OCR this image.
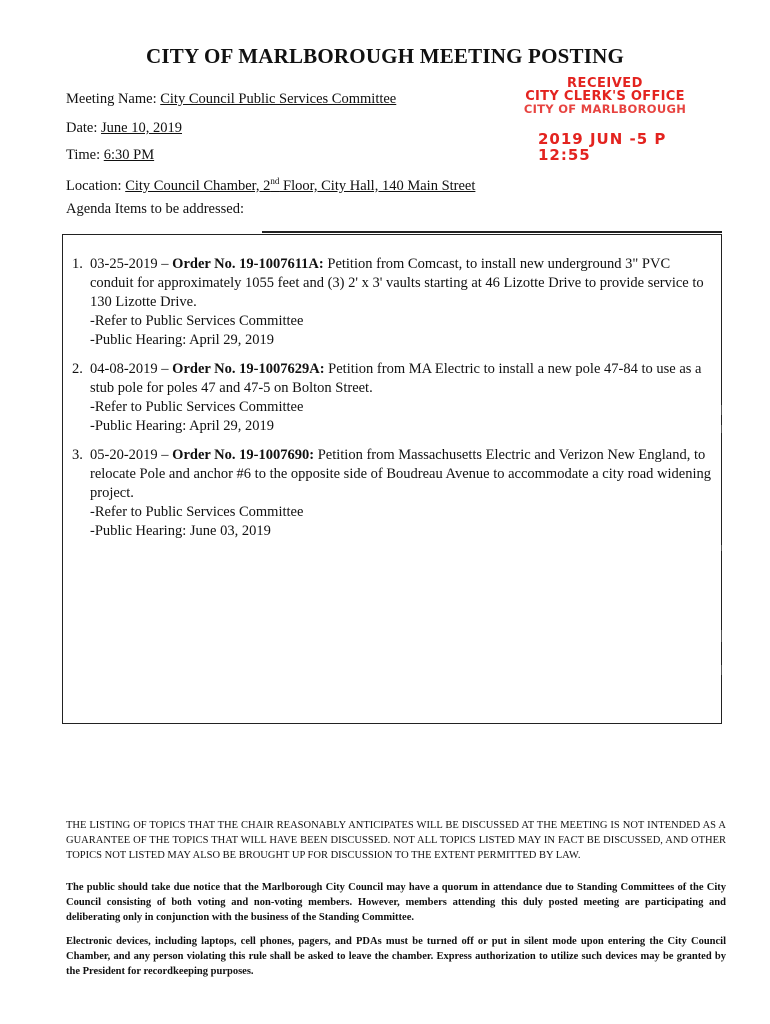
CITY OF MARLBOROUGH MEETING POSTING
Meeting Name: City Council Public Services Committee
Date: June 10, 2019
Time: 6:30 PM
Location: City Council Chamber, 2nd Floor, City Hall, 140 Main Street
Agenda Items to be addressed:
RECEIVED
CITY CLERK'S OFFICE
CITY OF MARLBOROUGH
2019 JUN -5 P 12:55
1. 03-25-2019 – Order No. 19-1007611A: Petition from Comcast, to install new underground 3" PVC conduit for approximately 1055 feet and (3) 2' x 3' vaults starting at 46 Lizotte Drive to provide service to 130 Lizotte Drive.
-Refer to Public Services Committee
-Public Hearing: April 29, 2019
2. 04-08-2019 – Order No. 19-1007629A: Petition from MA Electric to install a new pole 47-84 to use as a stub pole for poles 47 and 47-5 on Bolton Street.
-Refer to Public Services Committee
-Public Hearing: April 29, 2019
3. 05-20-2019 – Order No. 19-1007690: Petition from Massachusetts Electric and Verizon New England, to relocate Pole and anchor #6 to the opposite side of Boudreau Avenue to accommodate a city road widening project.
-Refer to Public Services Committee
-Public Hearing: June 03, 2019
THE LISTING OF TOPICS THAT THE CHAIR REASONABLY ANTICIPATES WILL BE DISCUSSED AT THE MEETING IS NOT INTENDED AS A GUARANTEE OF THE TOPICS THAT WILL HAVE BEEN DISCUSSED. NOT ALL TOPICS LISTED MAY IN FACT BE DISCUSSED, AND OTHER TOPICS NOT LISTED MAY ALSO BE BROUGHT UP FOR DISCUSSION TO THE EXTENT PERMITTED BY LAW.
The public should take due notice that the Marlborough City Council may have a quorum in attendance due to Standing Committees of the City Council consisting of both voting and non-voting members. However, members attending this duly posted meeting are participating and deliberating only in conjunction with the business of the Standing Committee.
Electronic devices, including laptops, cell phones, pagers, and PDAs must be turned off or put in silent mode upon entering the City Council Chamber, and any person violating this rule shall be asked to leave the chamber. Express authorization to utilize such devices may be granted by the President for recordkeeping purposes.
